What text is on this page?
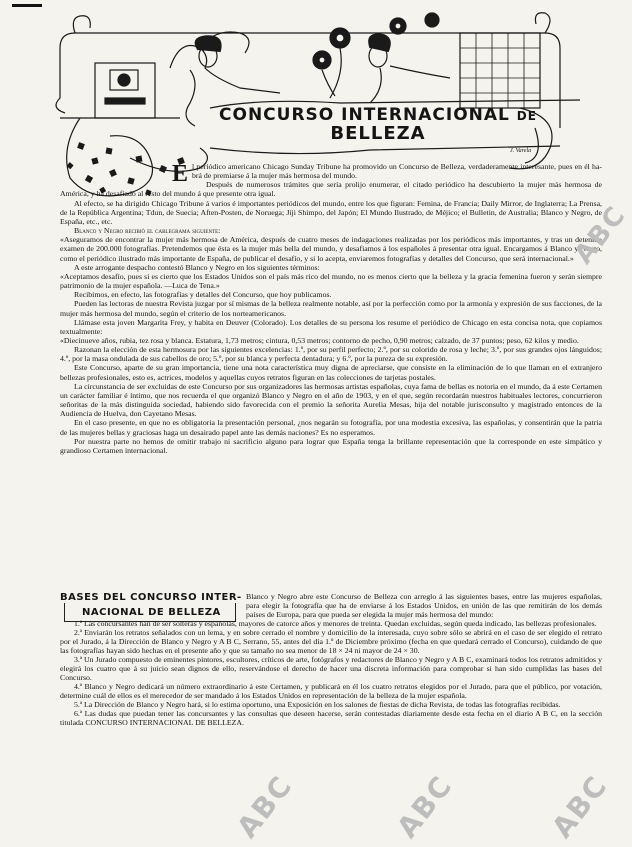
CONCURSO INTERNACIONAL de
BELLEZA
J. Varela
E l periódico americano Chicago Sunday Tribune ha promovido un Concurso de Belleza, verdaderamente interesante, pues en él ha-brá de premiarse á la mujer más hermosa del mundo.

Después de numerosos trámites que sería prolijo enumerar, el citado periódico ha descubierto la mujer más hermosa de América, y ha desafiado al resto del mundo á que presente otra igual.

Al efecto, se ha dirigido Chicago Tribune á varios é importantes periódicos del mundo, entre los que figuran: Femina, de Francia; Daily Mirror, de Inglaterra; La Prensa, de la República Argentina; Tdun, de Suecia; Aften-Posten, de Noruega; Jiji Shimpo, del Japón; El Mundo Ilustrado, de Méjico; el Bulletin, de Australia; Blanco y Negro, de España, etc., etc.

Blanco y Negro recibió el cablegrama siguiente:

«Aseguramos de encontrar la mujer más hermosa de América, después de cuatro meses de indagaciones realizadas por los periódicos más importantes, y tras un detenido examen de 200.000 fotografías. Pretendemos que ésta es la mujer más bella del mundo, y desafiamos á los españoles á presentar otra igual. Encargamos á Blanco y Negro, como el periódico ilustrado más importante de España, de publicar el desafío, y si lo acepta, enviaremos fotografías y detalles del Concurso, que será internacional.»

A este arrogante despacho contestó Blanco y Negro en los siguientes términos:

«Aceptamos desafío, pues si es cierto que los Estados Unidos son el país más rico del mundo, no es menos cierto que la belleza y la gracia femenina fueron y serán siempre patrimonio de la mujer española. —Luca de Tena.»

Recibimos, en efecto, las fotografías y detalles del Concurso, que hoy publicamos.

Pueden las lectoras de nuestra Revista juzgar por sí mismas de la belleza realmente notable, así por la perfección como por la armonía y expresión de sus facciones, de la mujer más hermosa del mundo, según el criterio de los norteamericanos.

Llámase esta joven Margarita Frey, y habita en Deuver (Colorado). Los detalles de su persona los resume el periódico de Chicago en esta concisa nota, que copiamos textualmente:

«Diecinueve años, rubia, tez rosa y blanca. Estatura, 1,73 metros; cintura, 0,53 metros; contorno de pecho, 0,90 metros; calzado, de 37 puntos; peso, 62 kilos y medio.

Razonan la elección de esta hermosura por las siguientes excelencias: 1.º, por su perfil perfecto; 2.º, por su colorido de rosa y leche; 3.º, por sus grandes ojos lánguidos; 4.º, por la masa ondulada de sus cabellos de oro; 5.º, por su blanca y perfecta dentadura; y 6.º, por la pureza de su expresión.

Este Concurso, aparte de su gran importancia, tiene una nota característica muy digna de apreciarse, que consiste en la eliminación de lo que llaman en el extranjero bellezas profesionales, esto es, actrices, modelos y aquellas cuyos retratos figuran en las colecciones de tarjetas postales.

La circunstancia de ser excluidas de este Concurso por sus organizadores las hermosas artistas españolas, cuya fama de bellas es notoria en el mundo, da á este Certamen un carácter familiar é íntimo, que nos recuerda el que organizó Blanco y Negro en el año de 1903, y en el que, según recordarán nuestros habituales lectores, concurrieron señoritas de la más distinguida sociedad, habiendo sido favorecida con el premio la señorita Aurelia Mesas, hija del notable jurisconsulto y magistrado entonces de la Audiencia de Huelva, don Cayetano Mesas.

En el caso presente, en que no es obligatoria la presentación personal, ¿nos negarán su fotografía, por una modestia excesiva, las españolas, y consentirán que la patria de las mujeres bellas y graciosas haga un desairado papel ante las demás naciones? Es no esperamos.

Por nuestra parte no hemos de omitir trabajo ni sacrificio alguno para lograr que España tenga la brillante representación que la corresponde en este simpático y grandioso Certamen internacional.

BASES DEL CONCURSO INTER-
NACIONAL DE BELLEZA

Blanco y Negro abre este Concurso de Belleza con arreglo á las siguientes bases, entre las mujeres españolas, para elegir la fotografía que ha de enviarse á los Estados Unidos, en unión de las que remitirán de los demás países de Europa, para que pueda ser elegida la mujer más hermosa del mundo:

1.ª Las concursantes han de ser solteras y españolas, mayores de catorce años y menores de treinta. Quedan excluidas, según queda indicado, las bellezas profesionales.

2.ª Enviarán los retratos señalados con un lema, y en sobre cerrado el nombre y domicilio de la interesada, cuyo sobre sólo se abrirá en el caso de ser elegido el retrato por el Jurado, á la Dirección de Blanco y Negro y A B C, Serrano, 55, antes del día 1.º de Diciembre próximo (fecha en que quedará cerrado el Concurso), cuidando de que las fotografías hayan sido hechas en el presente año y que su tamaño no sea menor de 18 × 24 ni mayor de 24 × 30.

3.ª Un Jurado compuesto de eminentes pintores, escultores, críticos de arte, fotógrafos y redactores de Blanco y Negro y A B C, examinará todos los retratos admitidos y elegirá los cuatro que á su juicio sean dignos de ello, reservándose el derecho de hacer una discreta información para comprobar si han sido cumplidas las bases del Concurso.

4.ª Blanco y Negro dedicará un número extraordinario á este Certamen, y publicará en él los cuatro retratos elegidos por el Jurado, para que el público, por votación, determine cuál de ellos es el merecedor de ser mandado á los Estados Unidos en representación de la belleza de la mujer española.

5.ª La Dirección de Blanco y Negro hará, si lo estima oportuno, una Exposición en los salones de fiestas de dicha Revista, de todas las fotografías recibidas.

6.ª Las dudas que puedan tener las concursantes y las consultas que deseen hacerse, serán contestadas diariamente desde esta fecha en el diario A B C, en la sección titulada CONCURSO INTERNACIONAL DE BELLEZA.

ABC
ABC	ABC	ABC
